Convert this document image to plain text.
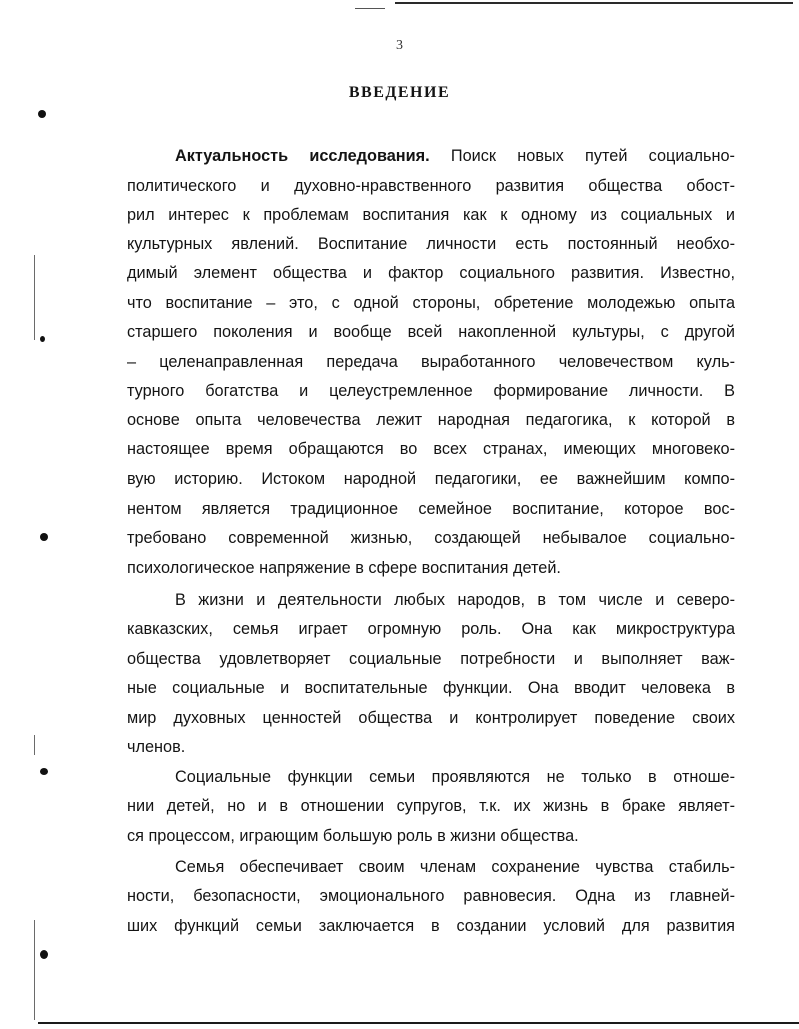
3
ВВЕДЕНИЕ
Актуальность исследования. Поиск новых путей социально-
политического и духовно-нравственного развития общества обост-
рил интерес к проблемам воспитания как к одному из социальных и
культурных явлений. Воспитание личности есть постоянный необхо-
димый элемент общества и фактор социального развития. Известно,
что воспитание – это, с одной стороны, обретение молодежью опыта
старшего поколения и вообще всей накопленной культуры, с другой
– целенаправленная передача выработанного человечеством куль-
турного богатства и целеустремленное формирование личности. В
основе опыта человечества лежит народная педагогика, к которой в
настоящее время обращаются во всех странах, имеющих многовеко-
вую историю. Истоком народной педагогики, ее важнейшим компо-
нентом является традиционное семейное воспитание, которое вос-
требовано современной жизнью, создающей небывалое социально-
психологическое напряжение в сфере воспитания детей.
В жизни и деятельности любых народов, в том числе и северо-
кавказских, семья играет огромную роль. Она как микроструктура
общества удовлетворяет социальные потребности и выполняет важ-
ные социальные и воспитательные функции. Она вводит человека в
мир духовных ценностей общества и контролирует поведение своих
членов.
Социальные функции семьи проявляются не только в отноше-
нии детей, но и в отношении супругов, т.к. их жизнь в браке являет-
ся процессом, играющим большую роль в жизни общества.
Семья обеспечивает своим членам сохранение чувства стабиль-
ности, безопасности, эмоционального равновесия. Одна из главней-
ших функций семьи заключается в создании условий для развития
